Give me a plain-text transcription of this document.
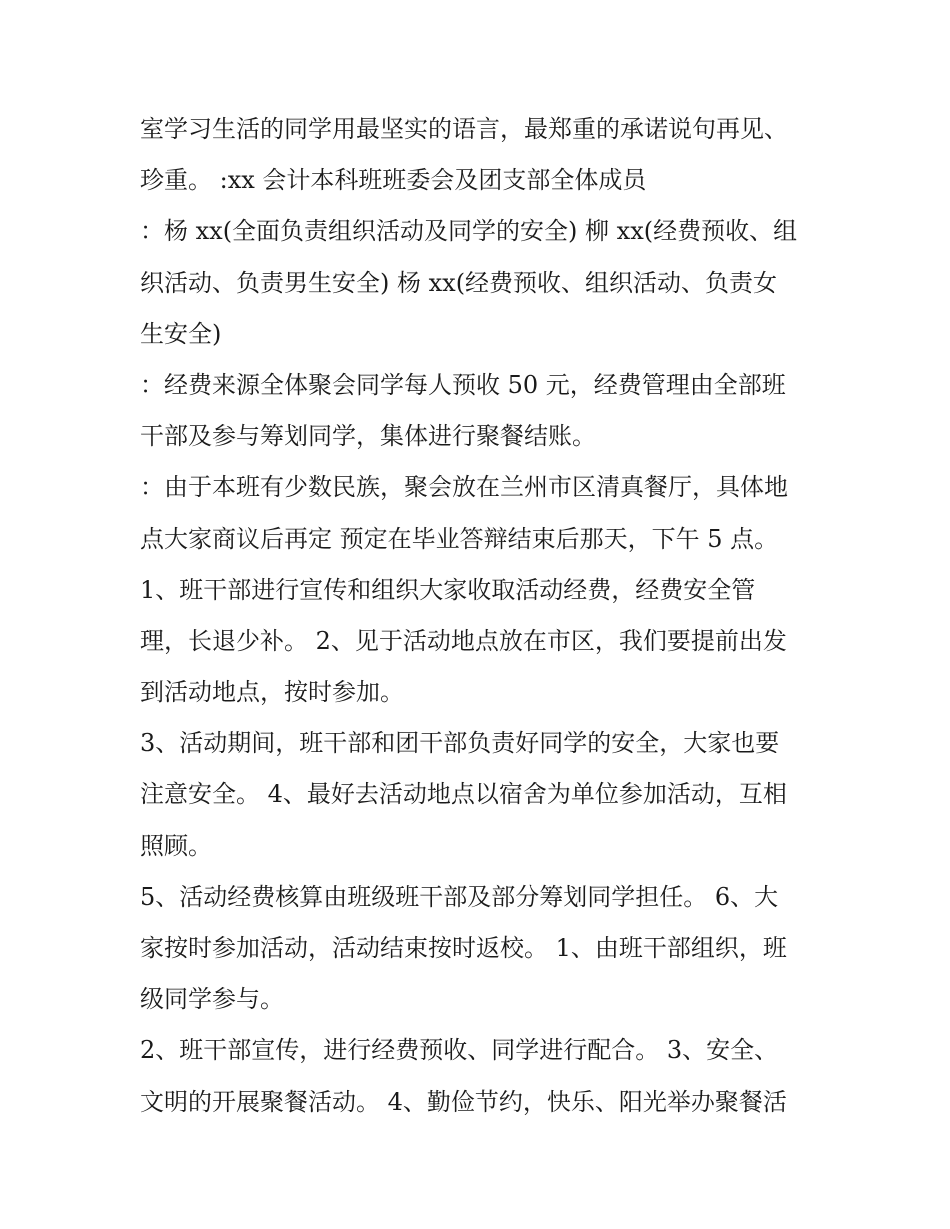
室学习生活的同学用最坚实的语言，最郑重的承诺说句再见、
珍重。 :xx 会计本科班班委会及团支部全体成员
：杨 xx(全面负责组织活动及同学的安全) 柳 xx(经费预收、组
织活动、负责男生安全) 杨 xx(经费预收、组织活动、负责女
生安全)
：经费来源全体聚会同学每人预收 50 元，经费管理由全部班
干部及参与筹划同学，集体进行聚餐结账。
：由于本班有少数民族，聚会放在兰州市区清真餐厅，具体地
点大家商议后再定 预定在毕业答辩结束后那天，下午 5 点。
1、班干部进行宣传和组织大家收取活动经费，经费安全管
理，长退少补。 2、见于活动地点放在市区，我们要提前出发
到活动地点，按时参加。
3、活动期间，班干部和团干部负责好同学的安全，大家也要
注意安全。 4、最好去活动地点以宿舍为单位参加活动，互相
照顾。
5、活动经费核算由班级班干部及部分筹划同学担任。 6、大
家按时参加活动，活动结束按时返校。 1、由班干部组织，班
级同学参与。
2、班干部宣传，进行经费预收、同学进行配合。 3、安全、
文明的开展聚餐活动。 4、勤俭节约，快乐、阳光举办聚餐活
